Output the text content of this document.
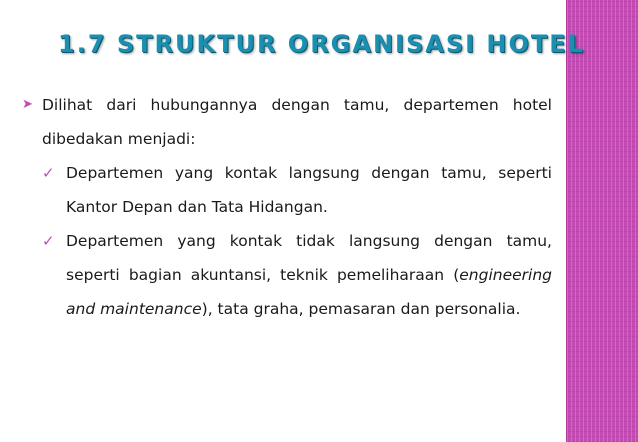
1.7 STRUKTUR ORGANISASI HOTEL
➤ Dilihat dari hubungannya dengan tamu, departemen hotel dibedakan menjadi:
✓ Departemen yang kontak langsung dengan tamu, seperti Kantor Depan dan Tata Hidangan.
✓ Departemen yang kontak tidak langsung dengan tamu, seperti bagian akuntansi, teknik pemeliharaan (engineering and maintenance), tata graha, pemasaran dan personalia.
